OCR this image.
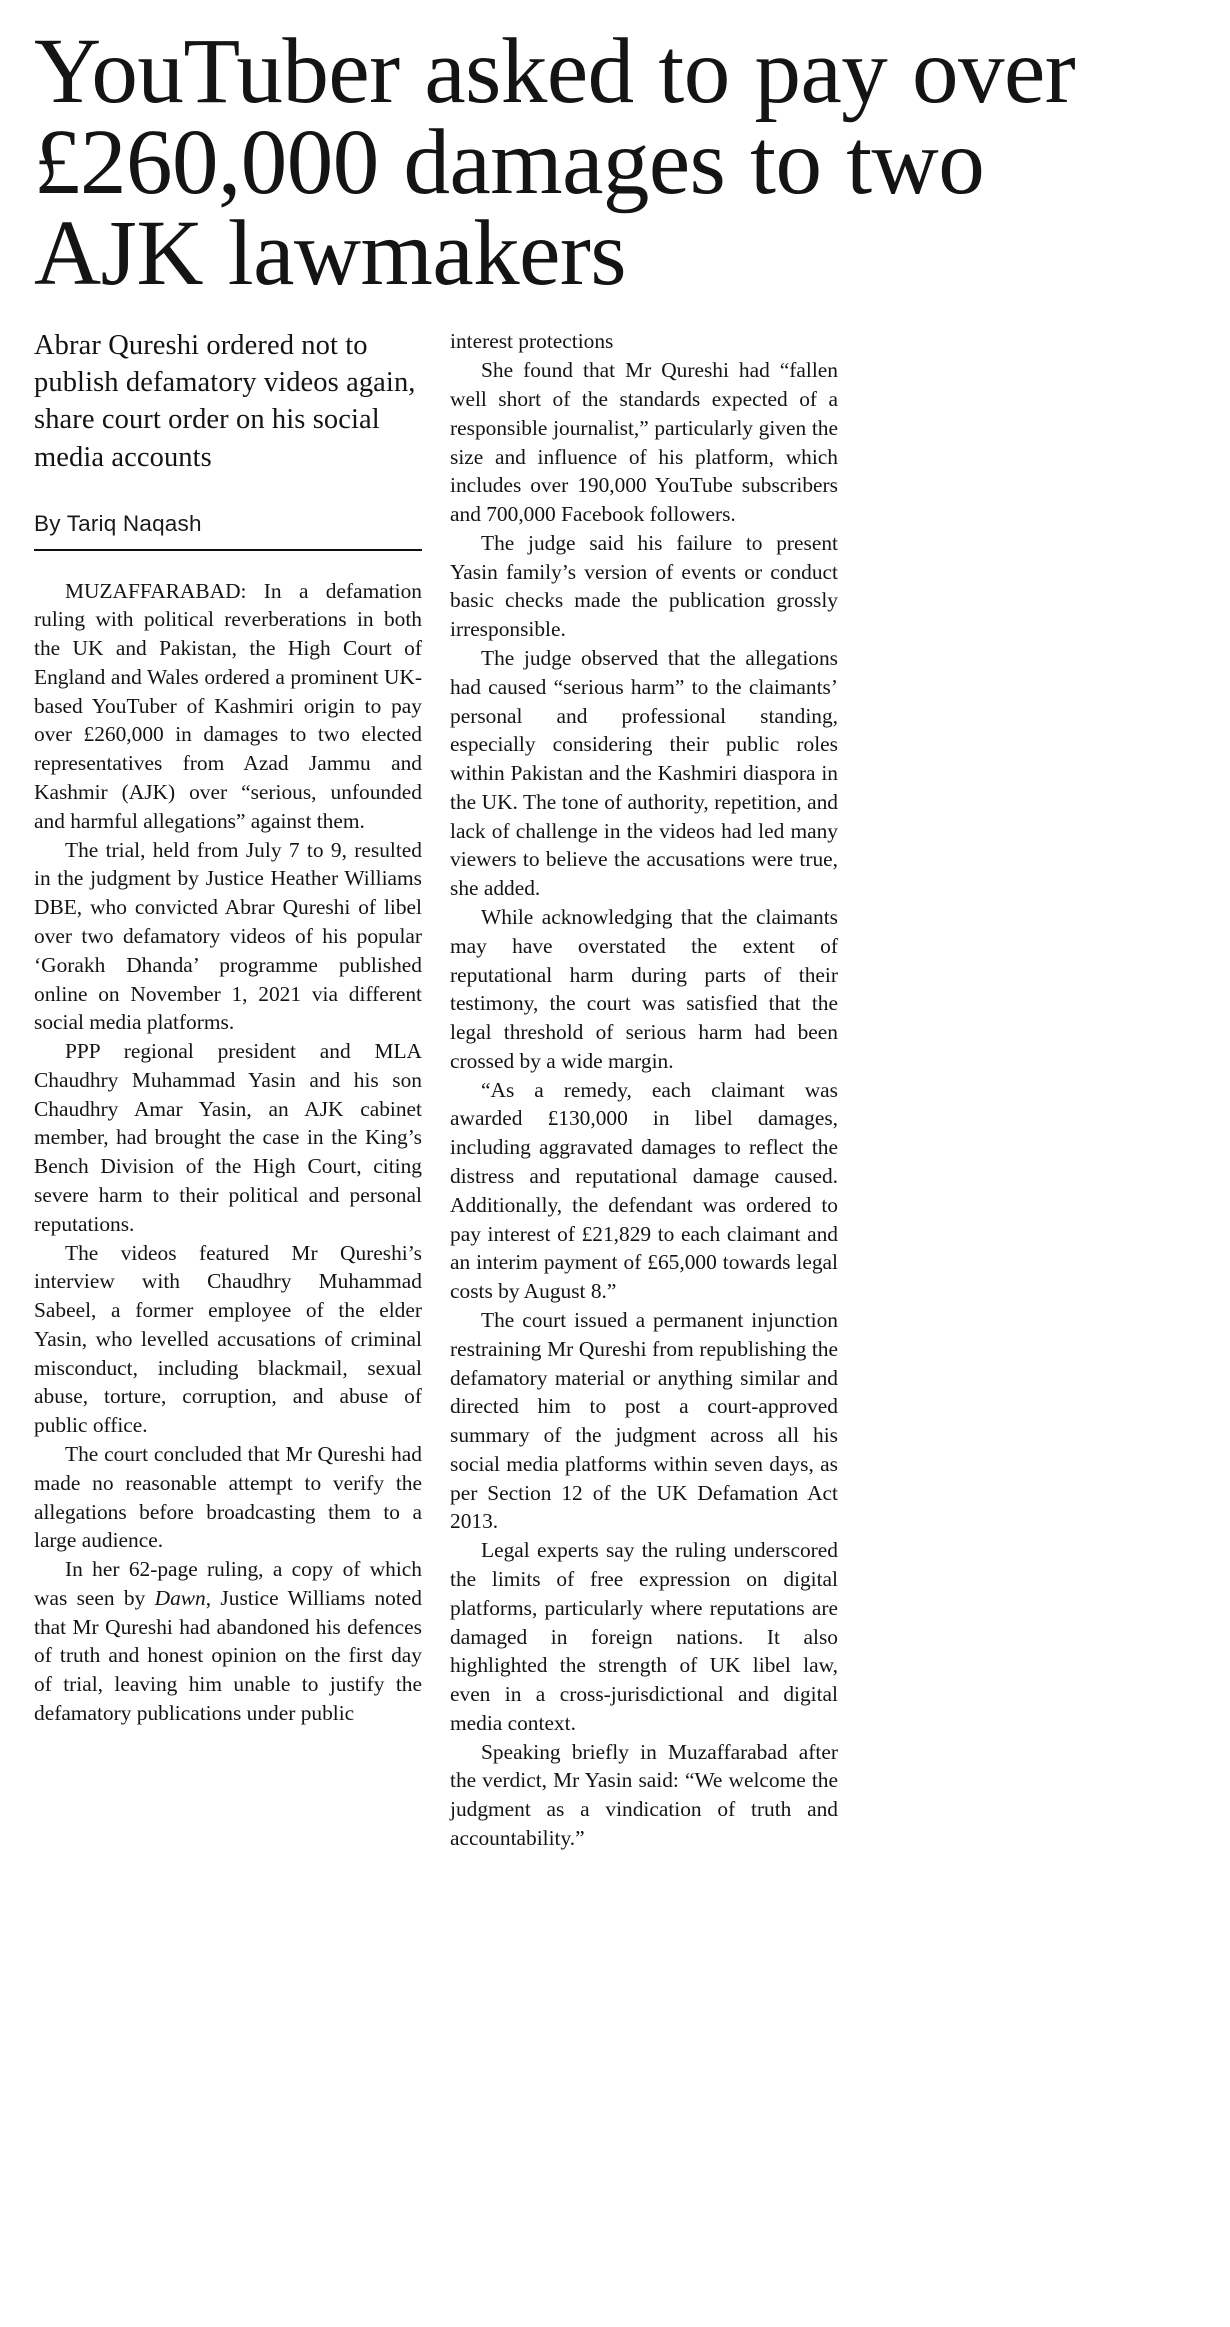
YouTuber asked to pay over £260,000 damages to two AJK lawmakers
Abrar Qureshi ordered not to publish defamatory videos again, share court order on his social media accounts
By Tariq Naqash

MUZAFFARABAD: In a defamation ruling with political reverberations in both the UK and Pakistan, the High Court of England and Wales ordered a prominent UK-based YouTuber of Kashmiri origin to pay over £260,000 in damages to two elected representatives from Azad Jammu and Kashmir (AJK) over “serious, unfounded and harmful allegations” against them.

The trial, held from July 7 to 9, resulted in the judgment by Justice Heather Williams DBE, who convicted Abrar Qureshi of libel over two defamatory videos of his popular ‘Gorakh Dhanda’ programme published online on November 1, 2021 via different social media platforms.

PPP regional president and MLA Chaudhry Muhammad Yasin and his son Chaudhry Amar Yasin, an AJK cabinet member, had brought the case in the King’s Bench Division of the High Court, citing severe harm to their political and personal reputations.

The videos featured Mr Qureshi’s interview with Chaudhry Muhammad Sabeel, a former employee of the elder Yasin, who levelled accusations of criminal misconduct, including blackmail, sexual abuse, torture, corruption, and abuse of public office.

The court concluded that Mr Qureshi had made no reasonable attempt to verify the allegations before broadcasting them to a large audience.

In her 62-page ruling, a copy of which was seen by Dawn, Justice Williams noted that Mr Qureshi had abandoned his defences of truth and honest opinion on the first day of trial, leaving him unable to justify the defamatory publications under public

interest protections

She found that Mr Qureshi had “fallen well short of the standards expected of a responsible journalist,” particularly given the size and influence of his platform, which includes over 190,000 YouTube subscribers and 700,000 Facebook followers.

The judge said his failure to present Yasin family’s version of events or conduct basic checks made the publication grossly irresponsible.

The judge observed that the allegations had caused “serious harm” to the claimants’ personal and professional standing, especially considering their public roles within Pakistan and the Kashmiri diaspora in the UK. The tone of authority, repetition, and lack of challenge in the videos had led many viewers to believe the accusations were true, she added.

While acknowledging that the claimants may have overstated the extent of reputational harm during parts of their testimony, the court was satisfied that the legal threshold of serious harm had been crossed by a wide margin.

“As a remedy, each claimant was awarded £130,000 in libel damages, including aggravated damages to reflect the distress and reputational damage caused. Additionally, the defendant was ordered to pay interest of £21,829 to each claimant and an interim payment of £65,000 towards legal costs by August 8.”

The court issued a permanent injunction restraining Mr Qureshi from republishing the defamatory material or anything similar and directed him to post a court-approved summary of the judgment across all his social media platforms within seven days, as per Section 12 of the UK Defamation Act 2013.

Legal experts say the ruling underscored the limits of free expression on digital platforms, particularly where reputations are damaged in foreign nations. It also highlighted the strength of UK libel law, even in a cross-jurisdictional and digital media context.

Speaking briefly in Muzaffarabad after the verdict, Mr Yasin said: “We welcome the judgment as a vindication of truth and accountability.”
